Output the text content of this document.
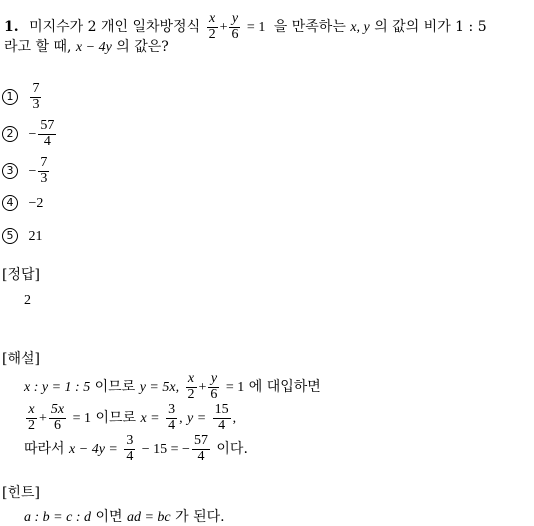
1. 미지수가 2 개인 일차방정식 $\frac{x}{2} + \frac{y}{6} = 1$ 을 만족하는 x, y 의 값의 비가 1 : 5
라고 할 때, x − 4y 의 값은?
$1 \frac{7}{3}$
$2 - \frac{57}{4}$
$3 - \frac{7}{3}$
4 −2
5 21
[정답]
2
[해설]
x : y = 1 : 5 이므로 y = 5x, $\frac{x}{2} + \frac{y}{6} = 1$ 에 대입하면
$\frac{x}{2} + \frac{5x}{6} = 1$ 이므로 $x = \frac{3}{4}$ , $y = \frac{15}{4}$ ,
따라서 $x - 4y = \frac{3}{4} - 15$ = − $\frac{57}{4}$ 이다.
[힌트]
a : b = c : d 이면 ad = bc 가 된다.
